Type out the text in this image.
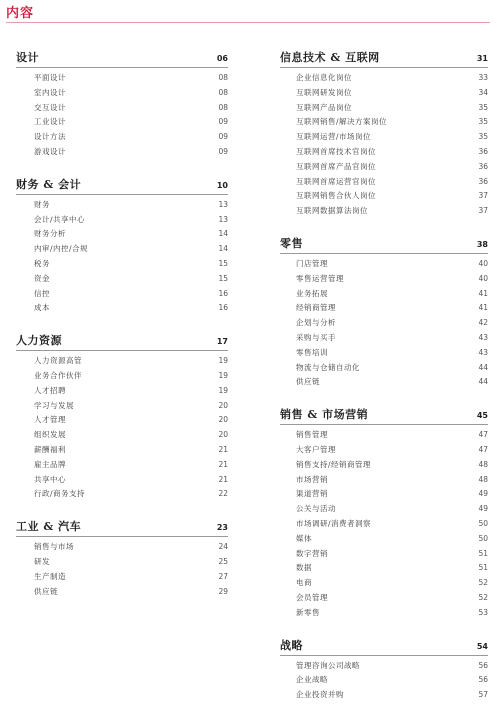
内容
设计	06
平面设计	08
室内设计	08
交互设计	08
工业设计	09
设计方法	09
游戏设计	09
财务 & 会计	10
财务	13
会计/共享中心	13
财务分析	14
内审/内控/合规	14
税务	15
资金	15
信控	16
成本	16
人力资源	17
人力资源高管	19
业务合作伙伴	19
人才招聘	19
学习与发展	20
人才管理	20
组织发展	20
薪酬福利	21
雇主品牌	21
共享中心	21
行政/商务支持	22
工业 & 汽车	23
销售与市场	24
研发	25
生产制造	27
供应链	29
信息技术 & 互联网	31
企业信息化岗位	33
互联网研发岗位	34
互联网产品岗位	35
互联网销售/解决方案岗位	35
互联网运营/市场岗位	35
互联网首席技术官岗位	36
互联网首席产品官岗位	36
互联网首席运营官岗位	36
互联网销售合伙人岗位	37
互联网数据算法岗位	37
零售	38
门店管理	40
零售运营管理	40
业务拓展	41
经销商管理	41
企划与分析	42
采购与买手	43
零售培训	43
物流与仓储自动化	44
供应链	44
销售 & 市场营销	45
销售管理	47
大客户管理	47
销售支持/经销商管理	48
市场营销	48
渠道营销	49
公关与活动	49
市场调研/消费者洞察	50
媒体	50
数字营销	51
数据	51
电商	52
会员管理	52
新零售	53
战略	54
管理咨询公司战略	56
企业战略	56
企业投资并购	57
